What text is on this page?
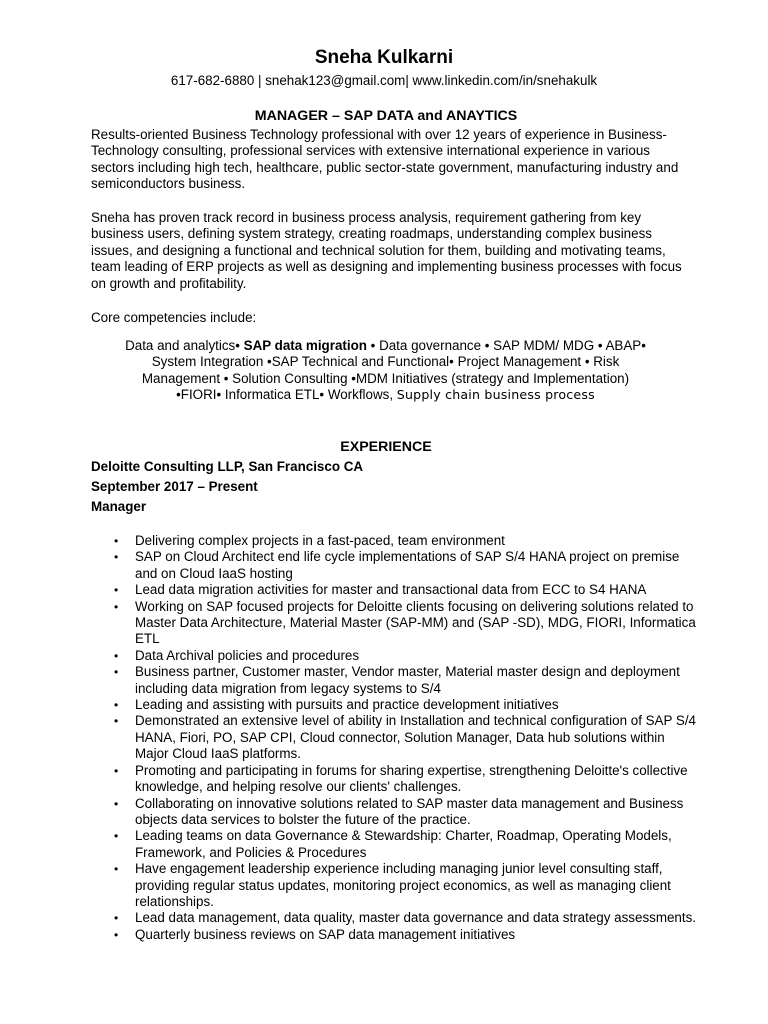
Sneha Kulkarni
617-682-6880 | snehak123@gmail.com| www.linkedin.com/in/snehakulk
MANAGER – SAP DATA and ANAYTICS

Results-oriented Business Technology professional with over 12 years of experience in Business-Technology consulting, professional services with extensive international experience in various sectors including high tech, healthcare, public sector-state government, manufacturing industry and semiconductors business.

Sneha has proven track record in business process analysis, requirement gathering from key business users, defining system strategy, creating roadmaps, understanding complex business issues, and designing a functional and technical solution for them, building and motivating teams, team leading of ERP projects as well as designing and implementing business processes with focus on growth and profitability.

Core competencies include:

Data and analytics• SAP data migration • Data governance • SAP MDM/ MDG • ABAP• System Integration •SAP Technical and Functional• Project Management • Risk Management • Solution Consulting •MDM Initiatives (strategy and Implementation) •FIORI• Informatica ETL• Workflows, Supply chain business process
EXPERIENCE
Deloitte Consulting LLP, San Francisco CA
September 2017 – Present
Manager
• Delivering complex projects in a fast-paced, team environment
• SAP on Cloud Architect end life cycle implementations of SAP S/4 HANA project on premise and on Cloud IaaS hosting
• Lead data migration activities for master and transactional data from ECC to S4 HANA
• Working on SAP focused projects for Deloitte clients focusing on delivering solutions related to Master Data Architecture, Material Master (SAP-MM) and (SAP -SD), MDG, FIORI, Informatica ETL
• Data Archival policies and procedures
• Business partner, Customer master, Vendor master, Material master design and deployment including data migration from legacy systems to S/4
• Leading and assisting with pursuits and practice development initiatives
• Demonstrated an extensive level of ability in Installation and technical configuration of SAP S/4 HANA, Fiori, PO, SAP CPI, Cloud connector, Solution Manager, Data hub solutions within Major Cloud IaaS platforms.
• Promoting and participating in forums for sharing expertise, strengthening Deloitte's collective knowledge, and helping resolve our clients' challenges.
• Collaborating on innovative solutions related to SAP master data management and Business objects data services to bolster the future of the practice.
• Leading teams on data Governance & Stewardship: Charter, Roadmap, Operating Models, Framework, and Policies & Procedures
• Have engagement leadership experience including managing junior level consulting staff, providing regular status updates, monitoring project economics, as well as managing client relationships.
• Lead data management, data quality, master data governance and data strategy assessments.
• Quarterly business reviews on SAP data management initiatives
